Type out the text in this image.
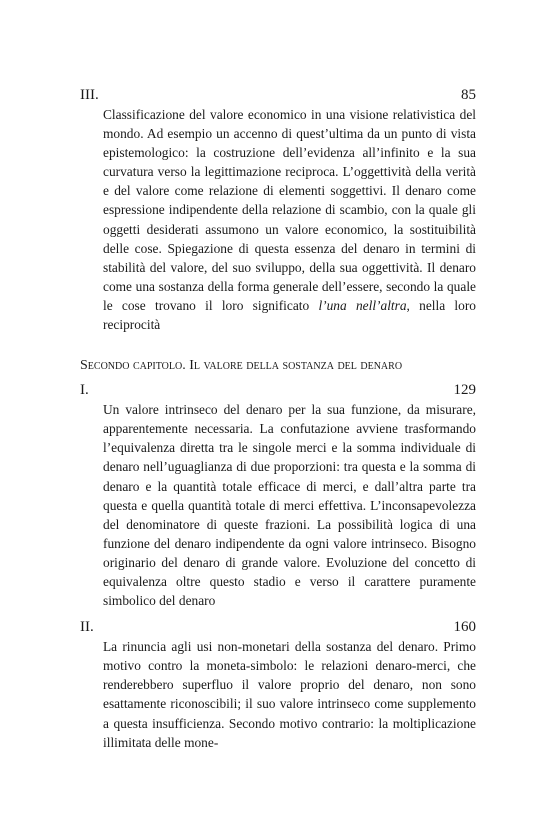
III.	85
Classificazione del valore economico in una visione relativistica del mondo. Ad esempio un accenno di quest’ultima da un punto di vista epistemologico: la costruzione dell’evidenza all’infinito e la sua curvatura verso la legittimazione reciproca. L’oggettività della verità e del valore come relazione di elementi soggettivi. Il denaro come espressione indipendente della relazione di scambio, con la quale gli oggetti desiderati assumono un valore economico, la sostituibilità delle cose. Spiegazione di questa essenza del denaro in termini di stabilità del valore, del suo sviluppo, della sua oggettività. Il denaro come una sostanza della forma generale dell’essere, secondo la quale le cose trovano il loro significato l’una nell’altra, nella loro reciprocità
Secondo capitolo. Il valore della sostanza del denaro
I.	129
Un valore intrinseco del denaro per la sua funzione, da misurare, apparentemente necessaria. La confutazione avviene trasformando l’equivalenza diretta tra le singole merci e la somma individuale di denaro nell’uguaglianza di due proporzioni: tra questa e la somma di denaro e la quantità totale efficace di merci, e dall’altra parte tra questa e quella quantità totale di merci effettiva. L’inconsapevolezza del denominatore di queste frazioni. La possibilità logica di una funzione del denaro indipendente da ogni valore intrinseco. Bisogno originario del denaro di grande valore. Evoluzione del concetto di equivalenza oltre questo stadio e verso il carattere puramente simbolico del denaro
II.	160
La rinuncia agli usi non-monetari della sostanza del denaro. Primo motivo contro la moneta-simbolo: le relazioni denaro-merci, che renderebbero superfluo il valore proprio del denaro, non sono esattamente riconoscibili; il suo valore intrinseco come supplemento a questa insufficienza. Secondo motivo contrario: la moltiplicazione illimitata delle mone-
